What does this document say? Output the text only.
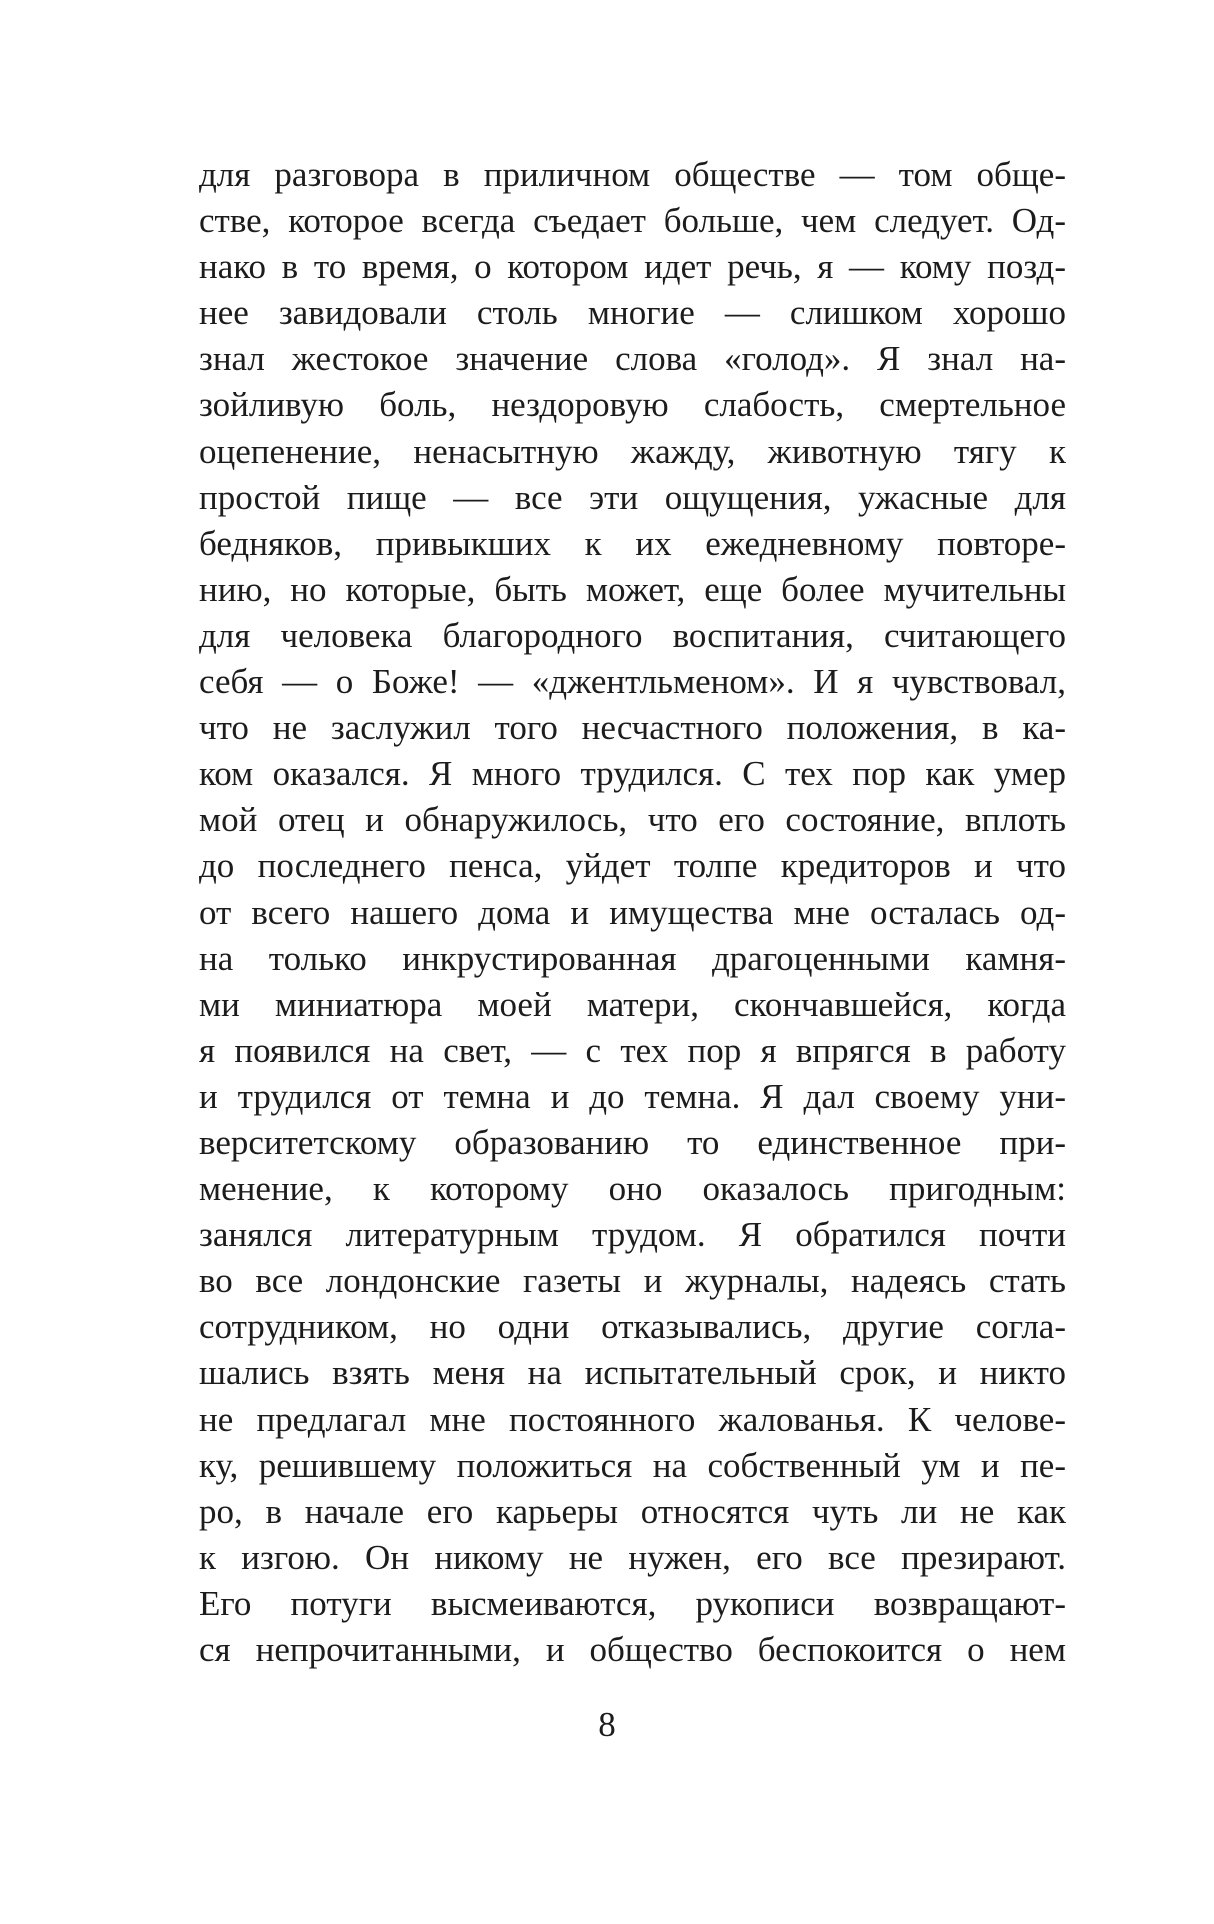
для разговора в приличном обществе — том обще-
стве, которое всегда съедает больше, чем следует. Од-
нако в то время, о котором идет речь, я — кому позд-
нее завидовали столь многие — слишком хорошо
знал жестокое значение слова «голод». Я знал на-
зойливую боль, нездоровую слабость, смертельное
оцепенение, ненасытную жажду, животную тягу к
простой пище — все эти ощущения, ужасные для
бедняков, привыкших к их ежедневному повторе-
нию, но которые, быть может, еще более мучительны
для человека благородного воспитания, считающего
себя — о Боже! — «джентльменом». И я чувствовал,
что не заслужил того несчастного положения, в ка-
ком оказался. Я много трудился. С тех пор как умер
мой отец и обнаружилось, что его состояние, вплоть
до последнего пенса, уйдет толпе кредиторов и что
от всего нашего дома и имущества мне осталась од-
на только инкрустированная драгоценными камня-
ми миниатюра моей матери, скончавшейся, когда
я появился на свет, — с тех пор я впрягся в работу
и трудился от темна и до темна. Я дал своему уни-
верситетскому образованию то единственное при-
менение, к которому оно оказалось пригодным:
занялся литературным трудом. Я обратился почти
во все лондонские газеты и журналы, надеясь стать
сотрудником, но одни отказывались, другие согла-
шались взять меня на испытательный срок, и никто
не предлагал мне постоянного жалованья. К челове-
ку, решившему положиться на собственный ум и пе-
ро, в начале его карьеры относятся чуть ли не как
к изгою. Он никому не нужен, его все презирают.
Его потуги высмеиваются, рукописи возвращают-
ся непрочитанными, и общество беспокоится о нем
8
